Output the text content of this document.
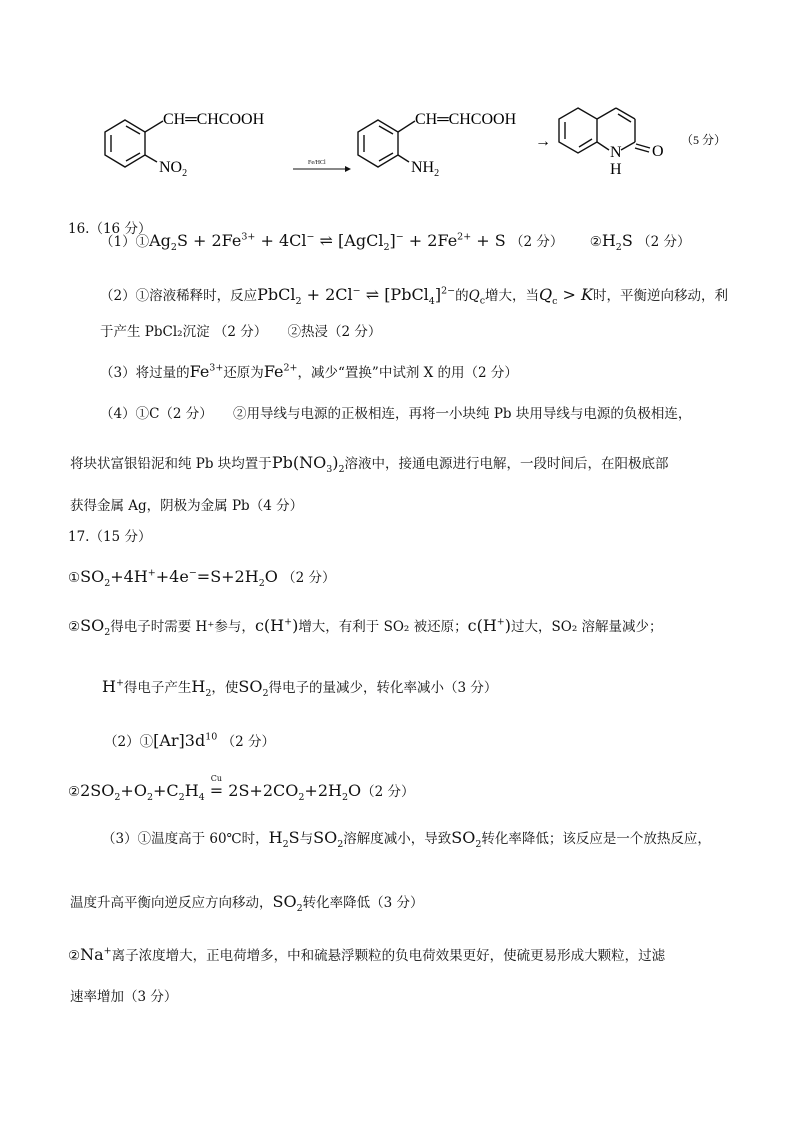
CH═CHCOOH
$NO_2$
Fe/HCl
CH═CHCOOH
$NH_2$
→
N
H
O
（5 分）
16.（16 分）
$(1)①Ag_2S + 2Fe^{3+} + 4Cl^-$ ⇌ [AgCl$_2$]− + $2Fe^{2+} + S$ （2 分） $②H_2S$ （2 分）
（2）①溶液稀释时，反应PbCl$_2$ + 2Cl− ⇌ [PbCl$_4$]$^{2-}$的$Q_c$增大，当$Q_c > K$时，平衡逆向移动，利
于产生 PbCl₂沉淀 （2 分）　　②热浸（2 分）
（3）将过量的$Fe^{3+}$还原为$Fe^{2+}$，减少“置换”中试剂 X 的用（2 分）
（4）①C（2 分）　　②用导线与电源的正极相连，再将一小块纯 Pb 块用导线与电源的负极相连，
将块状富银铅泥和纯 Pb 块均置于$Pb(NO_3)_2$溶液中，接通电源进行电解，一段时间后，在阳极底部
获得金属 Ag，阴极为金属 Pb（4 分）
17.（15 分）
$①SO_2+4H^++4e^-=S+2H_2O$ （2 分）
$②SO_2$得电子时需要 H⁺参与，c(H+)增大，有利于 SO₂ 被还原；c(H+)过大，SO₂ 溶解量减少；
H+得电子产生$H_2$，使$SO_2$得电子的量减少，转化率减小（3 分）
$(2)①[Ar]3d^{10}$ （2 分）
$②2SO_2+O_2+C_2H_4$ =
Cu
$2S+2CO_2+2H_2O(2$ 分）
（3）①温度高于 60℃时，$H_2S$与$SO_2$溶解度减小，导致$SO_2$转化率降低；该反应是一个放热反应，
温度升高平衡向逆反应方向移动，$SO_2$转化率降低（3 分）
②Na+离子浓度增大，正电荷增多，中和硫悬浮颗粒的负电荷效果更好，使硫更易形成大颗粒，过滤
速率增加（3 分）
